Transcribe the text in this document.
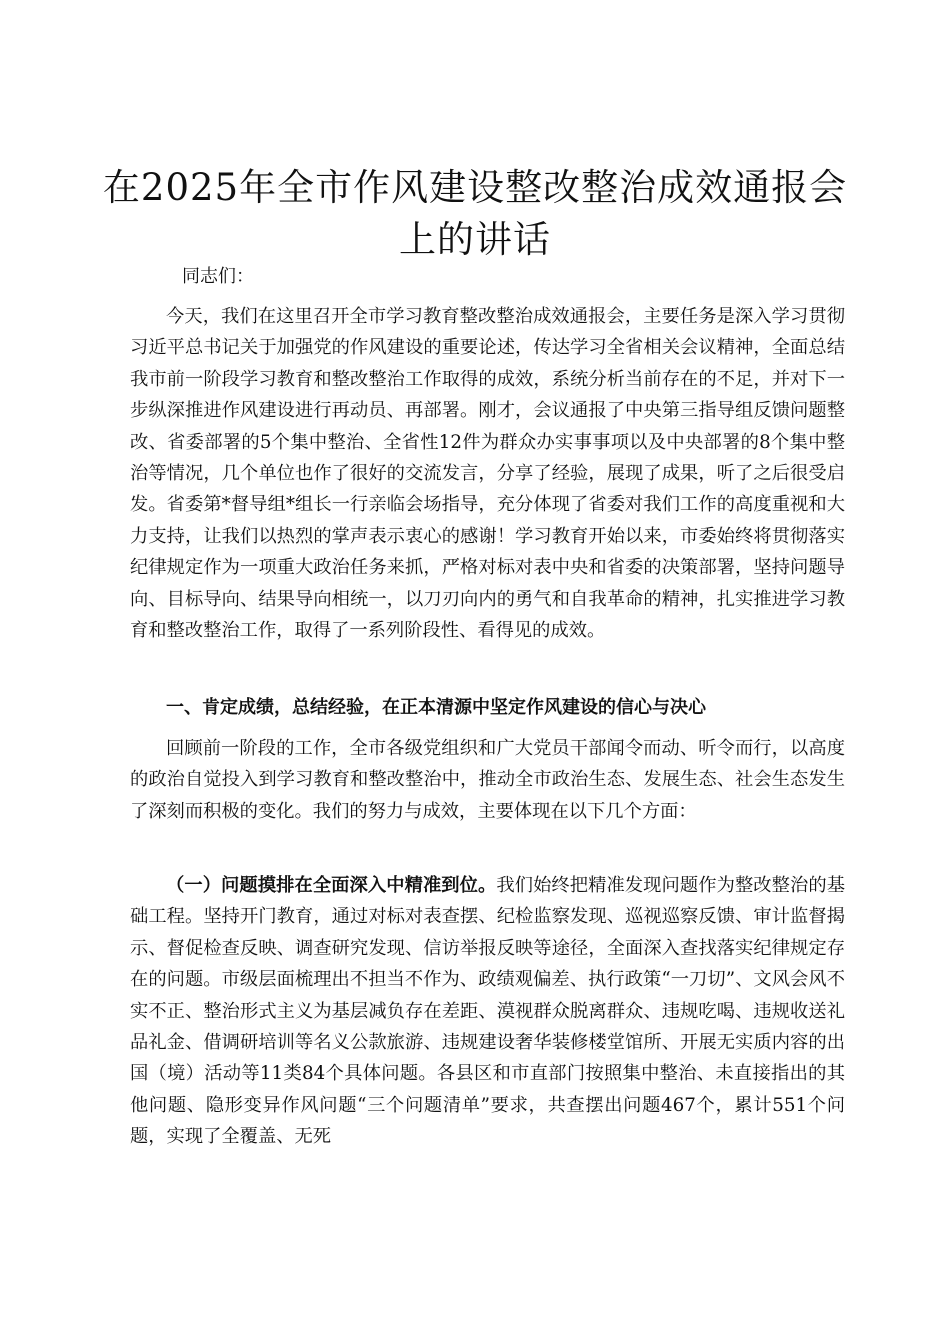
在2025年全市作风建设整改整治成效通报会上的讲话

同志们：

今天，我们在这里召开全市学习教育整改整治成效通报会，主要任务是深入学习贯彻习近平总书记关于加强党的作风建设的重要论述，传达学习全省相关会议精神，全面总结我市前一阶段学习教育和整改整治工作取得的成效，系统分析当前存在的不足，并对下一步纵深推进作风建设进行再动员、再部署。刚才，会议通报了中央第三指导组反馈问题整改、省委部署的5个集中整治、全省性12件为群众办实事事项以及中央部署的8个集中整治等情况，几个单位也作了很好的交流发言，分享了经验，展现了成果，听了之后很受启发。省委第*督导组*组长一行亲临会场指导，充分体现了省委对我们工作的高度重视和大力支持，让我们以热烈的掌声表示衷心的感谢！学习教育开始以来，市委始终将贯彻落实纪律规定作为一项重大政治任务来抓，严格对标对表中央和省委的决策部署，坚持问题导向、目标导向、结果导向相统一，以刀刃向内的勇气和自我革命的精神，扎实推进学习教育和整改整治工作，取得了一系列阶段性、看得见的成效。

一、肯定成绩，总结经验，在正本清源中坚定作风建设的信心与决心

回顾前一阶段的工作，全市各级党组织和广大党员干部闻令而动、听令而行，以高度的政治自觉投入到学习教育和整改整治中，推动全市政治生态、发展生态、社会生态发生了深刻而积极的变化。我们的努力与成效，主要体现在以下几个方面：

（一）问题摸排在全面深入中精准到位。我们始终把精准发现问题作为整改整治的基础工程。坚持开门教育，通过对标对表查摆、纪检监察发现、巡视巡察反馈、审计监督揭示、督促检查反映、调查研究发现、信访举报反映等途径，全面深入查找落实纪律规定存在的问题。市级层面梳理出不担当不作为、政绩观偏差、执行政策“一刀切”、文风会风不实不正、整治形式主义为基层减负存在差距、漠视群众脱离群众、违规吃喝、违规收送礼品礼金、借调研培训等名义公款旅游、违规建设奢华装修楼堂馆所、开展无实质内容的出国（境）活动等11类84个具体问题。各县区和市直部门按照集中整治、未直接指出的其他问题、隐形变异作风问题“三个问题清单”要求，共查摆出问题467个，累计551个问题，实现了全覆盖、无死
